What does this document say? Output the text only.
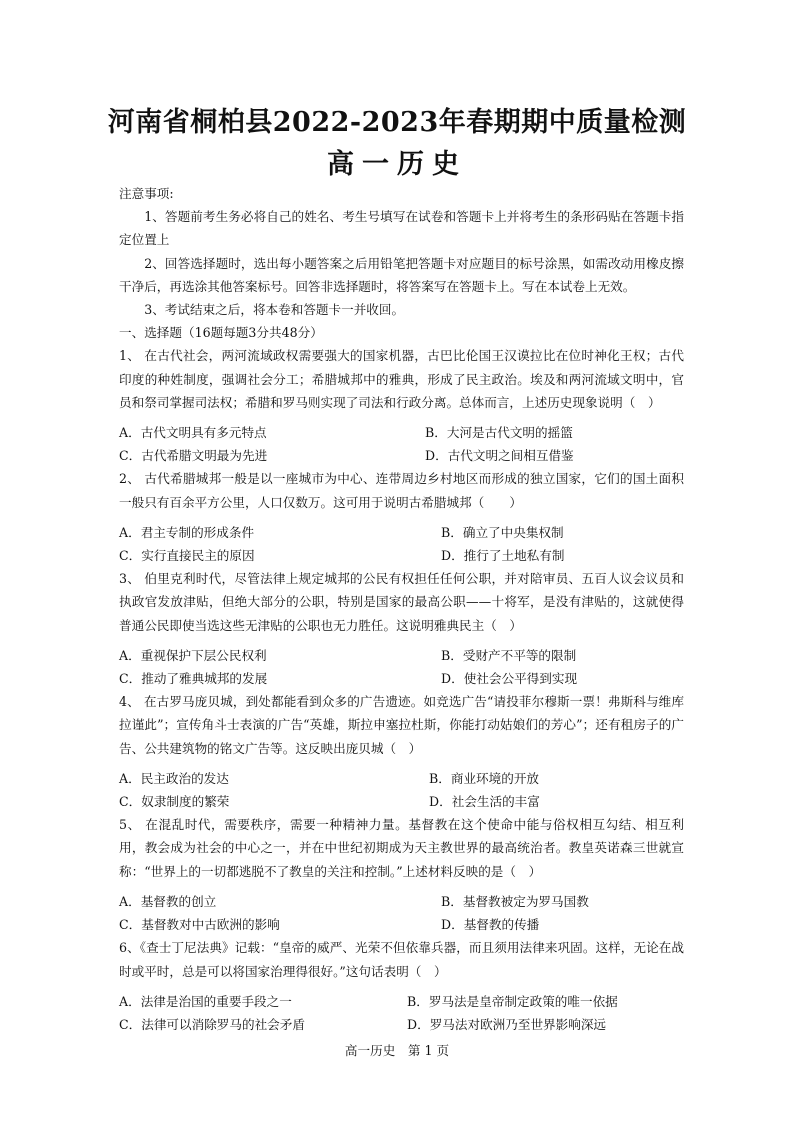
河南省桐柏县2022-2023年春期期中质量检测
高一历史

注意事项:

1、答题前考生务必将自己的姓名、考生号填写在试卷和答题卡上并将考生的条形码贴在答题卡指定位置上

2、回答选择题时，选出每小题答案之后用铅笔把答题卡对应题目的标号涂黑，如需改动用橡皮擦干净后，再选涂其他答案标号。回答非选择题时，将答案写在答题卡上。写在本试卷上无效。

3、考试结束之后，将本卷和答题卡一并收回。

一、选择题（16题每题3分共48分）

1、 在古代社会，两河流域政权需要强大的国家机器，古巴比伦国王汉谟拉比在位时神化王权；古代印度的种姓制度，强调社会分工；希腊城邦中的雅典，形成了民主政治。埃及和两河流域文明中，官员和祭司掌握司法权；希腊和罗马则实现了司法和行政分离。总体而言，上述历史现象说明（　）

A．古代文明具有多元特点	B．大河是古代文明的摇篮
C．古代希腊文明最为先进	D．古代文明之间相互借鉴

2、 古代希腊城邦一般是以一座城市为中心、连带周边乡村地区而形成的独立国家，它们的国土面积一般只有百余平方公里，人口仅数万。这可用于说明古希腊城邦（　　）

A．君主专制的形成条件	B．确立了中央集权制
C．实行直接民主的原因	D．推行了土地私有制

3、 伯里克利时代，尽管法律上规定城邦的公民有权担任任何公职，并对陪审员、五百人议会议员和执政官发放津贴，但绝大部分的公职，特别是国家的最高公职——十将军，是没有津贴的，这就使得普通公民即使当选这些无津贴的公职也无力胜任。这说明雅典民主（　）

A．重视保护下层公民权利	B．受财产不平等的限制
C．推动了雅典城邦的发展	D．使社会公平得到实现

4、 在古罗马庞贝城，到处都能看到众多的广告遗迹。如竞选广告“请投菲尔穆斯一票！弗斯科与维库拉谨此”；宣传角斗士表演的广告“英雄，斯拉申塞拉杜斯，你能打动姑娘们的芳心”；还有租房子的广告、公共建筑物的铭文广告等。这反映出庞贝城（　）

A．民主政治的发达	B．商业环境的开放
C．奴隶制度的繁荣	D．社会生活的丰富

5、 在混乱时代，需要秩序，需要一种精神力量。基督教在这个使命中能与俗权相互勾结、相互利用，教会成为社会的中心之一，并在中世纪初期成为天主教世界的最高统治者。教皇英诺森三世就宣称：“世界上的一切都逃脱不了教皇的关注和控制。”上述材料反映的是（　）

A．基督教的创立	B．基督教被定为罗马国教
C．基督教对中古欧洲的影响	D．基督教的传播

6、《查士丁尼法典》记载：“皇帝的威严、光荣不但依靠兵器，而且须用法律来巩固。这样，无论在战时或平时，总是可以将国家治理得很好。”这句话表明（　）

A．法律是治国的重要手段之一	B．罗马法是皇帝制定政策的唯一依据
C．法律可以消除罗马的社会矛盾	D．罗马法对欧洲乃至世界影响深远
高一历史　第 1 页
